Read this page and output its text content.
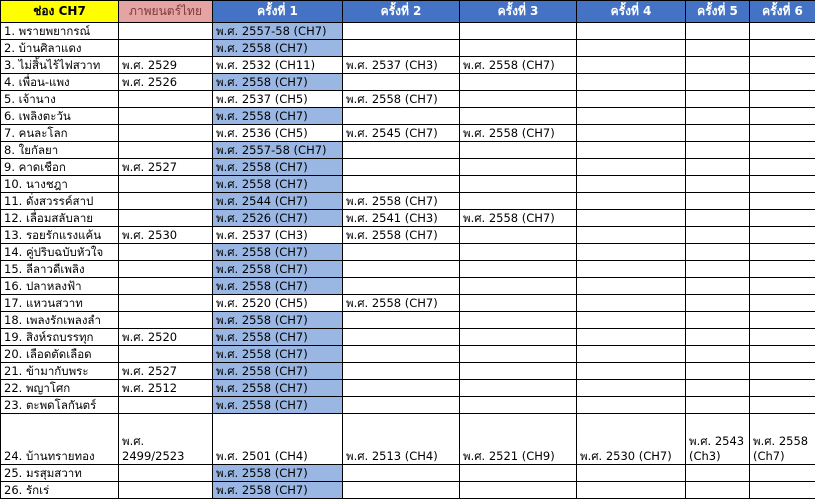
ช่อง CH7	ภาพยนตร์ไทย	ครั้งที่ 1	ครั้งที่ 2	ครั้งที่ 3	ครั้งที่ 4	ครั้งที่ 5	ครั้งที่ 6
1. พรายพยากรณ์		พ.ศ. 2557-58 (CH7)					
2. บ้านศิลาแดง		พ.ศ. 2558 (CH7)					
3. ไม่สิ้นไร้ไฟสวาท	พ.ศ. 2529	พ.ศ. 2532 (CH11)	พ.ศ. 2537 (CH3)	พ.ศ. 2558 (CH7)			
4. เพื่อน-แพง	พ.ศ. 2526	พ.ศ. 2558 (CH7)					
5. เจ้านาง		พ.ศ. 2537 (CH5)	พ.ศ. 2558 (CH7)				
6. เพลิงตะวัน		พ.ศ. 2558 (CH7)					
7. คนละโลก		พ.ศ. 2536 (CH5)	พ.ศ. 2545 (CH7)	พ.ศ. 2558 (CH7)			
8. ใยกัลยา		พ.ศ. 2557-58 (CH7)					
9. คาดเชือก	พ.ศ. 2527	พ.ศ. 2558 (CH7)					
10. นางชฎา		พ.ศ. 2558 (CH7)					
11. ดั่งสวรรค์สาป		พ.ศ. 2544 (CH7)	พ.ศ. 2558 (CH7)				
12. เลื่อมสลับลาย		พ.ศ. 2526 (CH7)	พ.ศ. 2541 (CH3)	พ.ศ. 2558 (CH7)			
13. รอยรักแรงแค้น	พ.ศ. 2530	พ.ศ. 2537 (CH3)	พ.ศ. 2558 (CH7)				
14. คู่ปริบฉบับหัวใจ		พ.ศ. 2558 (CH7)					
15. ลีลาวดีเพลิง		พ.ศ. 2558 (CH7)					
16. ปลาหลงฟ้า		พ.ศ. 2558 (CH7)					
17. แหวนสวาท		พ.ศ. 2520 (CH5)	พ.ศ. 2558 (CH7)				
18. เพลงรักเพลงลำ		พ.ศ. 2558 (CH7)					
19. สิงห์รถบรรทุก	พ.ศ. 2520	พ.ศ. 2558 (CH7)					
20. เลือดตัดเลือด		พ.ศ. 2558 (CH7)					
21. ข้ามากับพระ	พ.ศ. 2527	พ.ศ. 2558 (CH7)					
22. พญาโศก	พ.ศ. 2512	พ.ศ. 2558 (CH7)					
23. ตะพดโลกันตร์		พ.ศ. 2558 (CH7)					
24. บ้านทรายทอง	พ.ศ. 2499/2523	พ.ศ. 2501 (CH4)	พ.ศ. 2513 (CH4)	พ.ศ. 2521 (CH9)	พ.ศ. 2530 (CH7)	พ.ศ. 2543 (Ch3)	พ.ศ. 2558 (Ch7)
25. มรสุมสวาท		พ.ศ. 2558 (CH7)					
26. รักเร่		พ.ศ. 2558 (CH7)					
